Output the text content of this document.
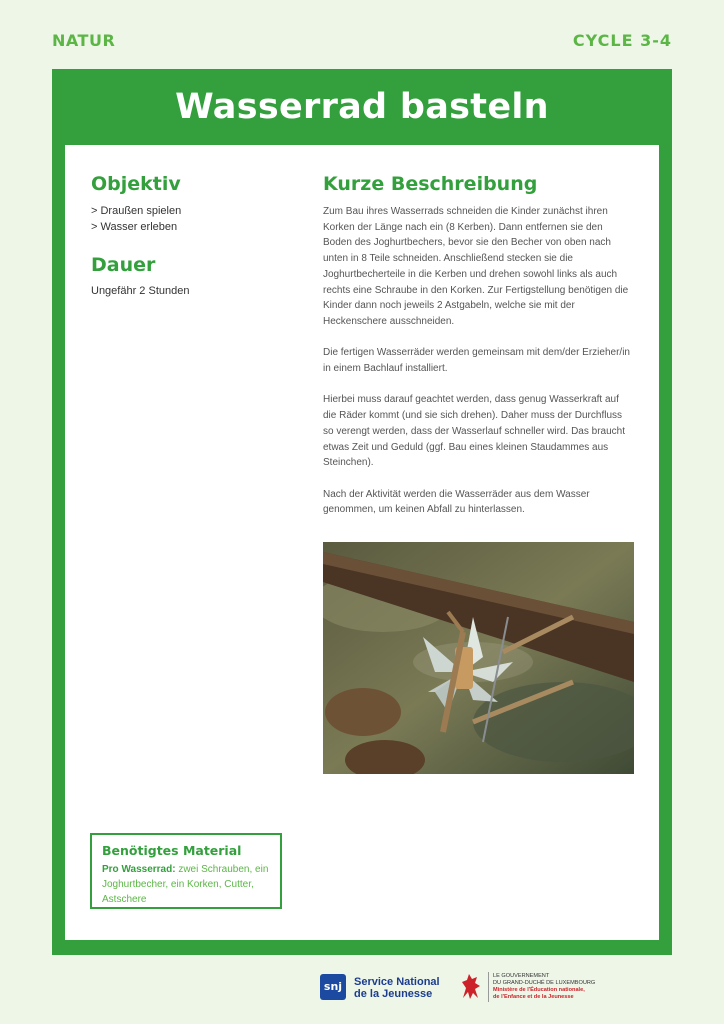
NATUR	CYCLE 3-4
Wasserrad basteln
Objektiv
> Draußen spielen
> Wasser erleben
Dauer
Ungefähr 2 Stunden
Kurze Beschreibung

Zum Bau ihres Wasserrads schneiden die Kinder zunächst ihren Korken der Länge nach ein (8 Kerben). Dann entfernen sie den Boden des Joghurtbechers, bevor sie den Becher von oben nach unten in 8 Teile schneiden. Anschließend stecken sie die Joghurtbecherteile in die Kerben und drehen sowohl links als auch rechts eine Schraube in den Korken. Zur Fertigstellung benötigen die Kinder dann noch jeweils 2 Astgabeln, welche sie mit der Heckenschere ausschneiden.

Die fertigen Wasserräder werden gemeinsam mit dem/der Erzieher/in in einem Bachlauf installiert.

Hierbei muss darauf geachtet werden, dass genug Wasserkraft auf die Räder kommt (und sie sich drehen). Daher muss der Durchfluss so verengt werden, dass der Wasserlauf schneller wird. Das braucht etwas Zeit und Geduld (ggf. Bau eines kleinen Staudammes aus Steinchen).

Nach der Aktivität werden die Wasserräder aus dem Wasser genommen, um keinen Abfall zu hinterlassen.

Benötigtes Material
Pro Wasserrad: zwei Schrauben, ein Joghurtbecher, ein Korken, Cutter, Astschere
snj	Service National
de la Jeunesse
LE GOUVERNEMENT
DU GRAND-DUCHÉ DE LUXEMBOURG
Ministère de l'Éducation nationale,
de l'Enfance et de la Jeunesse
